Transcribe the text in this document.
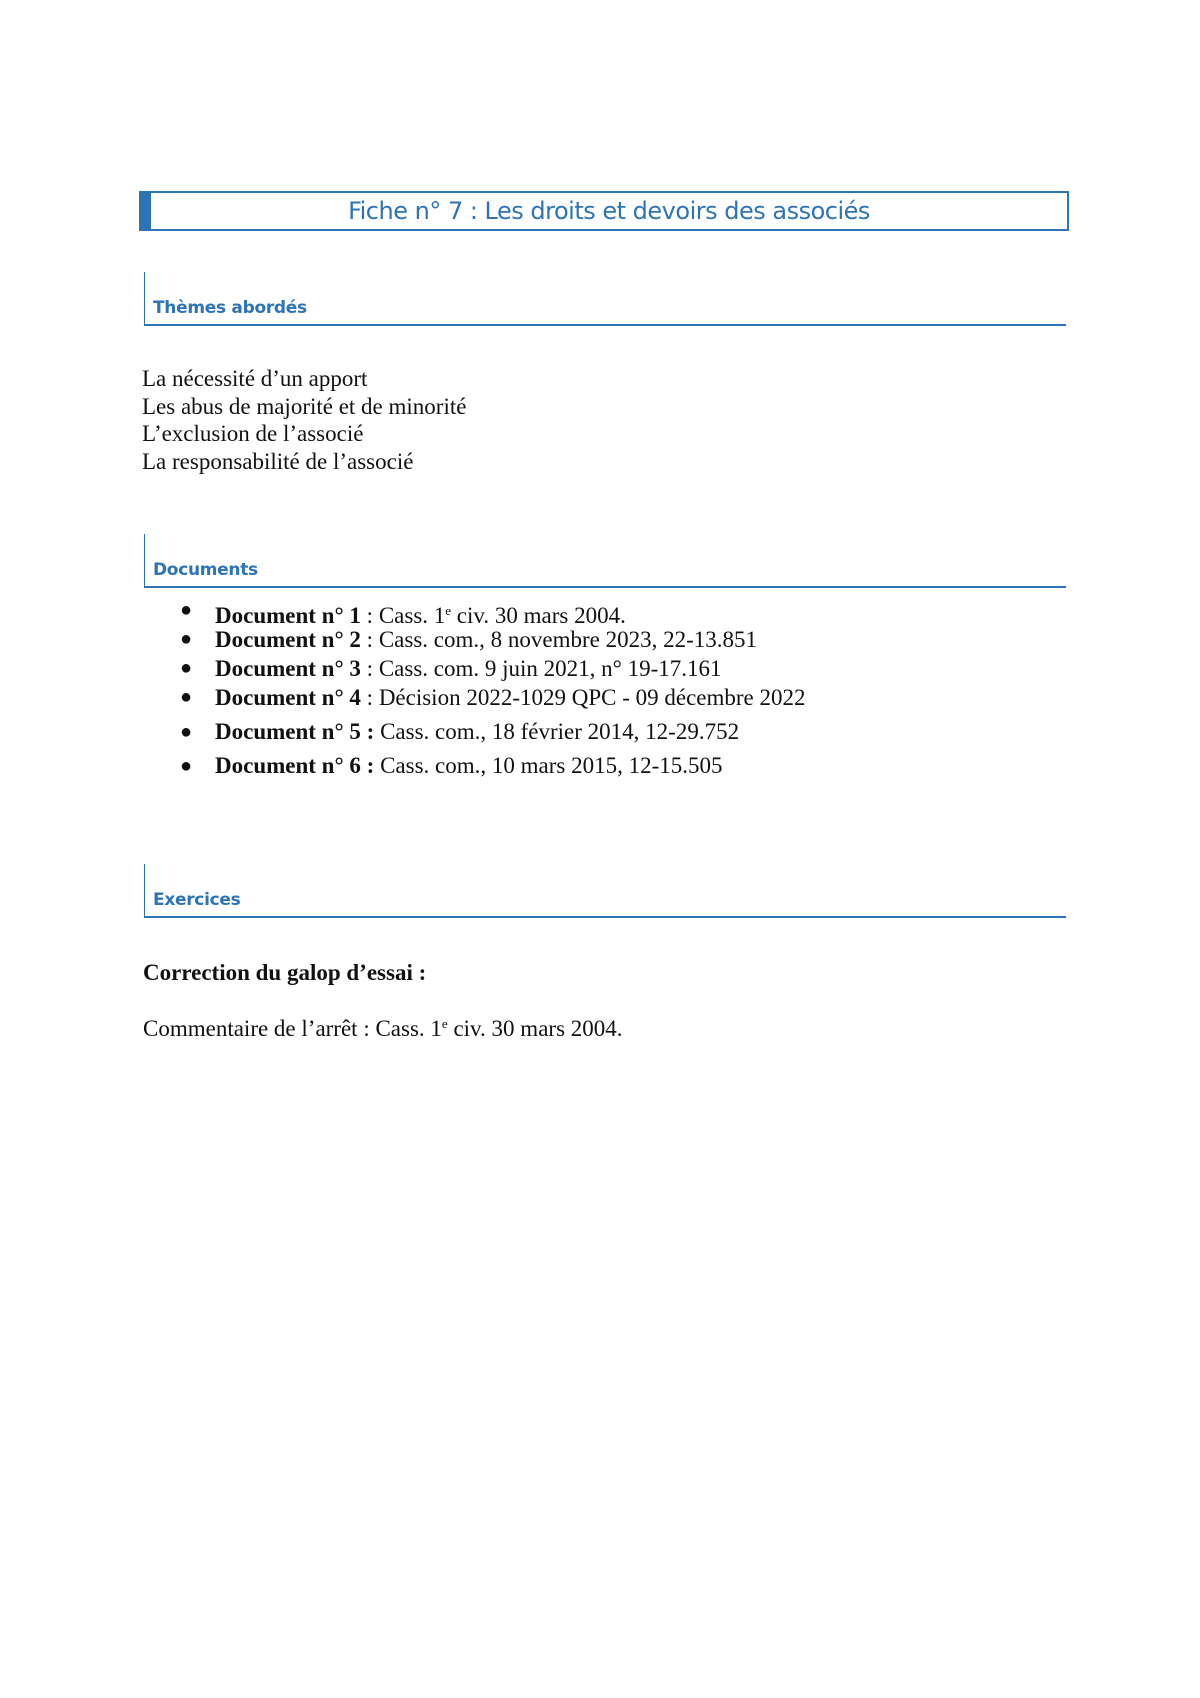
Fiche n° 7 : Les droits et devoirs des associés
Thèmes abordés
La nécessité d’un apport
Les abus de majorité et de minorité
L’exclusion de l’associé
La responsabilité de l’associé
Documents
● Document n° 1 : Cass. 1e civ. 30 mars 2004.
● Document n° 2 : Cass. com., 8 novembre 2023, 22-13.851
● Document n° 3 : Cass. com. 9 juin 2021, n° 19-17.161
● Document n° 4 : Décision 2022-1029 QPC - 09 décembre 2022
● Document n° 5 : Cass. com., 18 février 2014, 12-29.752
● Document n° 6 : Cass. com., 10 mars 2015, 12-15.505
Exercices
Correction du galop d’essai :
Commentaire de l’arrêt : Cass. 1e civ. 30 mars 2004.
